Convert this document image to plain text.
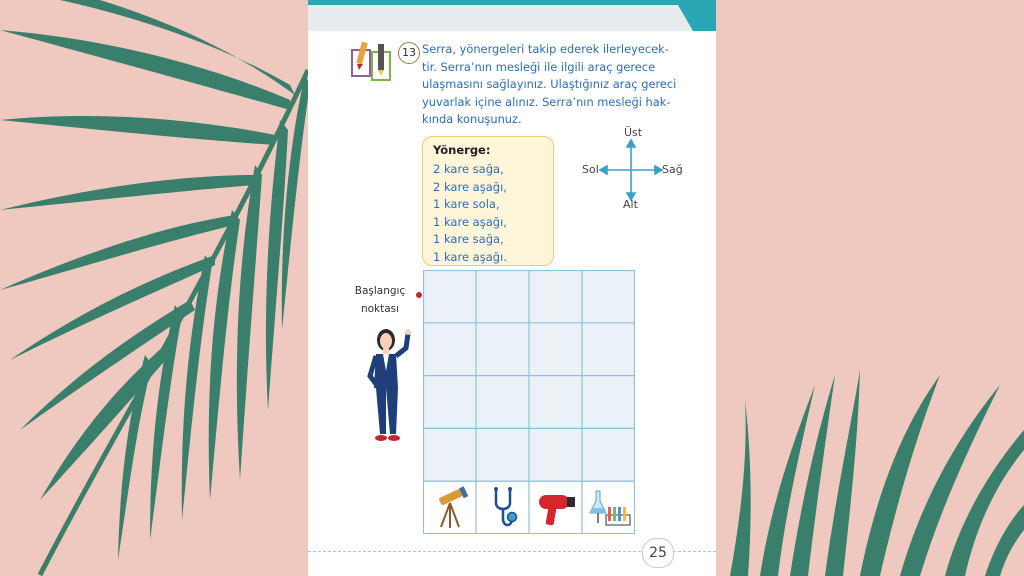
13 Serra, yönergeleri takip ederek ilerleyecek-
tir. Serra’nın mesleği ile ilgili araç gerece
ulaşmasını sağlayınız. Ulaştığınız araç gereci
yuvarlak içine alınız. Serra’nın mesleği hak-
kında konuşunuz.

Yönerge:
2 kare sağa,
2 kare aşağı,
1 kare sola,
1 kare aşağı,
1 kare sağa,
1 kare aşağı.
Üst
Alt
Sol	Sağ
Başlangıç
noktası
25
